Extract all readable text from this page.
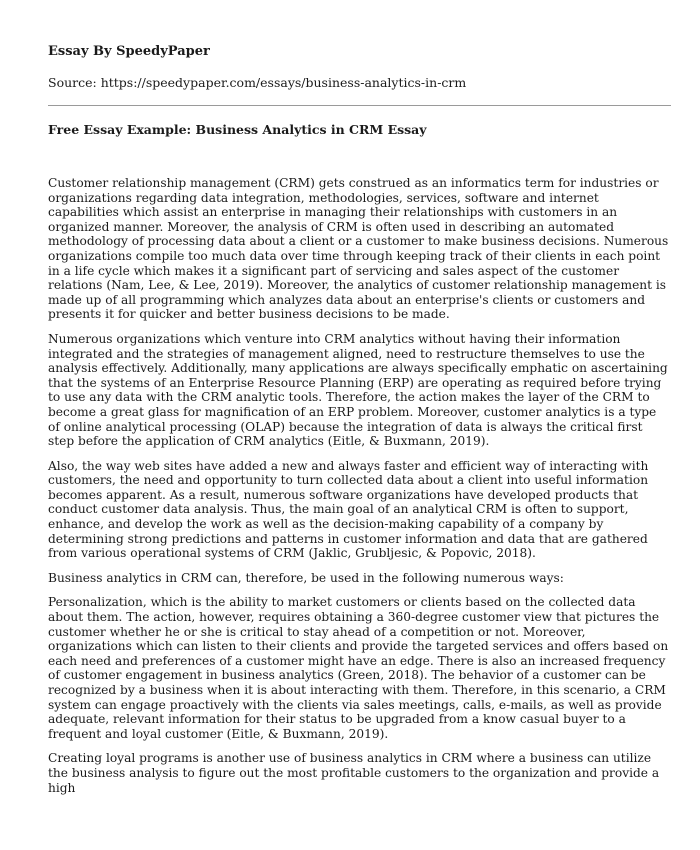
Essay By SpeedyPaper

Source: https://speedypaper.com/essays/business-analytics-in-crm

Free Essay Example: Business Analytics in CRM Essay

Customer relationship management (CRM) gets construed as an informatics term for industries or organizations regarding data integration, methodologies, services, software and internet capabilities which assist an enterprise in managing their relationships with customers in an organized manner. Moreover, the analysis of CRM is often used in describing an automated methodology of processing data about a client or a customer to make business decisions. Numerous organizations compile too much data over time through keeping track of their clients in each point in a life cycle which makes it a significant part of servicing and sales aspect of the customer relations (Nam, Lee, & Lee, 2019). Moreover, the analytics of customer relationship management is made up of all programming which analyzes data about an enterprise's clients or customers and presents it for quicker and better business decisions to be made.

Numerous organizations which venture into CRM analytics without having their information integrated and the strategies of management aligned, need to restructure themselves to use the analysis effectively. Additionally, many applications are always specifically emphatic on ascertaining that the systems of an Enterprise Resource Planning (ERP) are operating as required before trying to use any data with the CRM analytic tools. Therefore, the action makes the layer of the CRM to become a great glass for magnification of an ERP problem. Moreover, customer analytics is a type of online analytical processing (OLAP) because the integration of data is always the critical first step before the application of CRM analytics (Eitle, & Buxmann, 2019).

Also, the way web sites have added a new and always faster and efficient way of interacting with customers, the need and opportunity to turn collected data about a client into useful information becomes apparent. As a result, numerous software organizations have developed products that conduct customer data analysis. Thus, the main goal of an analytical CRM is often to support, enhance, and develop the work as well as the decision-making capability of a company by determining strong predictions and patterns in customer information and data that are gathered from various operational systems of CRM (Jaklic, Grubljesic, & Popovic, 2018).

Business analytics in CRM can, therefore, be used in the following numerous ways:

Personalization, which is the ability to market customers or clients based on the collected data about them. The action, however, requires obtaining a 360-degree customer view that pictures the customer whether he or she is critical to stay ahead of a competition or not. Moreover, organizations which can listen to their clients and provide the targeted services and offers based on each need and preferences of a customer might have an edge. There is also an increased frequency of customer engagement in business analytics (Green, 2018). The behavior of a customer can be recognized by a business when it is about interacting with them. Therefore, in this scenario, a CRM system can engage proactively with the clients via sales meetings, calls, e-mails, as well as provide adequate, relevant information for their status to be upgraded from a know casual buyer to a frequent and loyal customer (Eitle, & Buxmann, 2019).

Creating loyal programs is another use of business analytics in CRM where a business can utilize the business analysis to figure out the most profitable customers to the organization and provide a high
